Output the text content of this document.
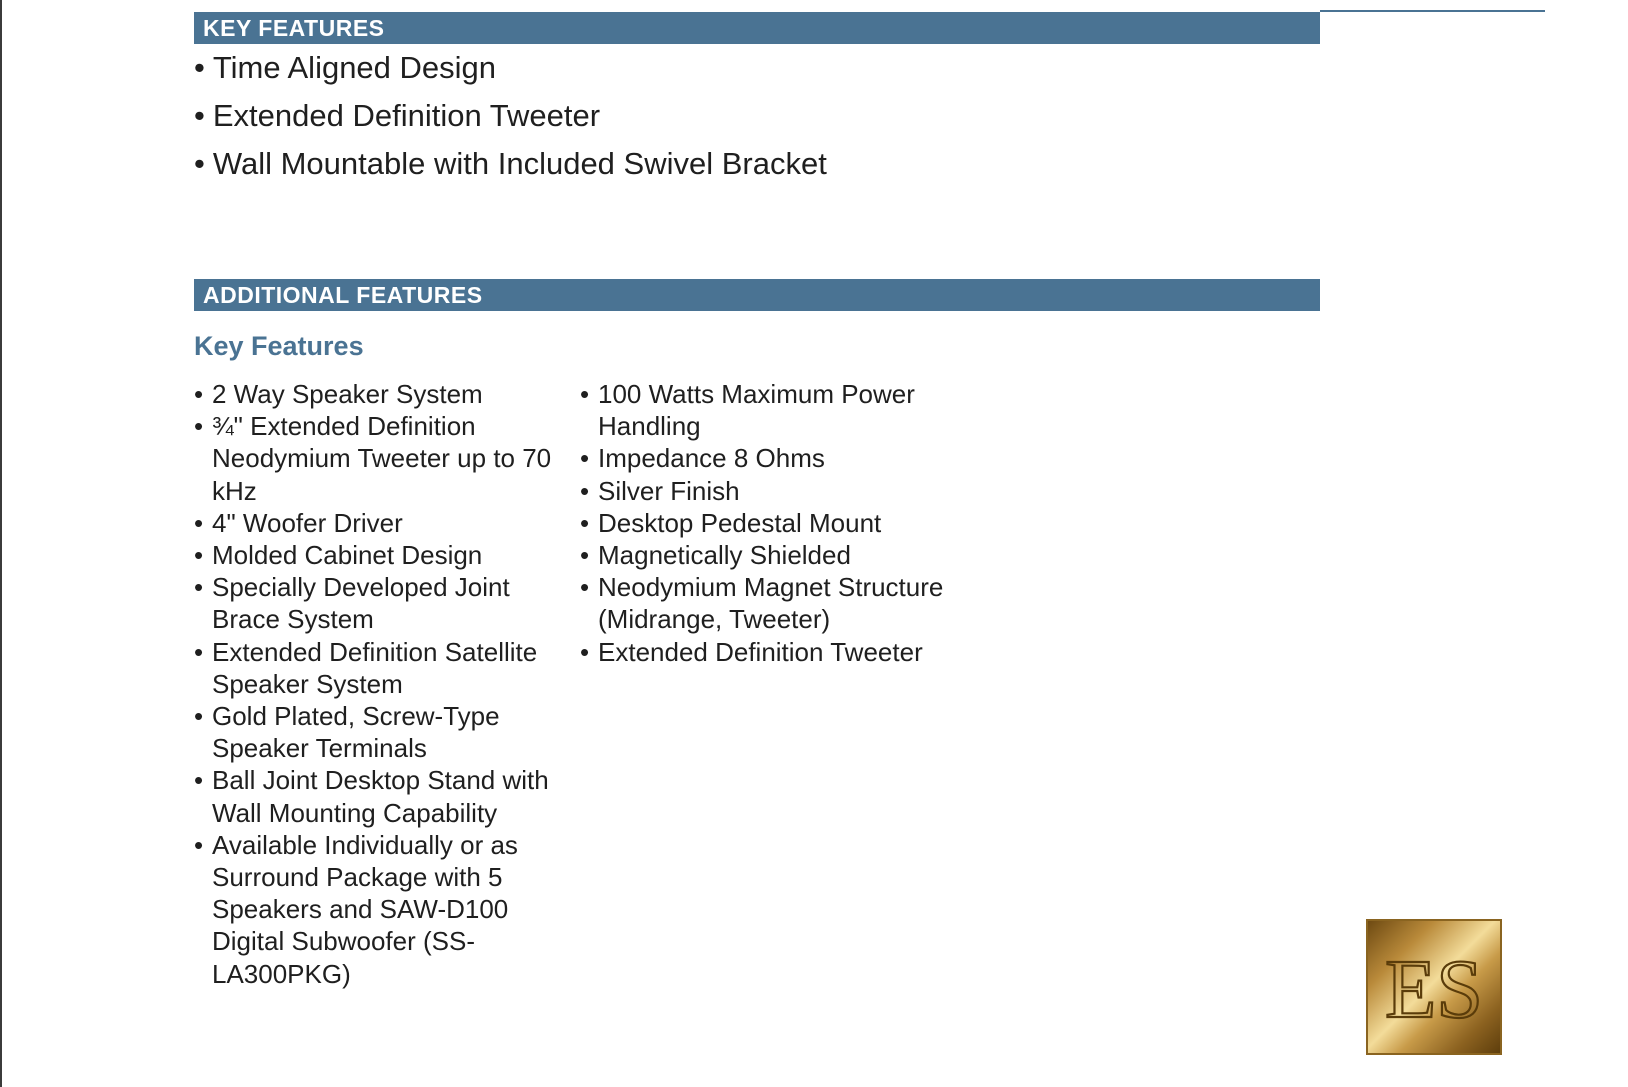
KEY FEATURES
• Time Aligned Design
• Extended Definition Tweeter
• Wall Mountable with Included Swivel Bracket
ADDITIONAL FEATURES
Key Features
• 2 Way Speaker System
• ¾" Extended Definition Neodymium Tweeter up to 70 kHz
• 4" Woofer Driver
• Molded Cabinet Design
• Specially Developed Joint Brace System
• Extended Definition Satellite Speaker System
• Gold Plated, Screw-Type Speaker Terminals
• Ball Joint Desktop Stand with Wall Mounting Capability
• Available Individually or as Surround Package with 5 Speakers and SAW-D100 Digital Subwoofer (SS-LA300PKG)
• 100 Watts Maximum Power Handling
• Impedance 8 Ohms
• Silver Finish
• Desktop Pedestal Mount
• Magnetically Shielded
• Neodymium Magnet Structure (Midrange, Tweeter)
• Extended Definition Tweeter
ES
